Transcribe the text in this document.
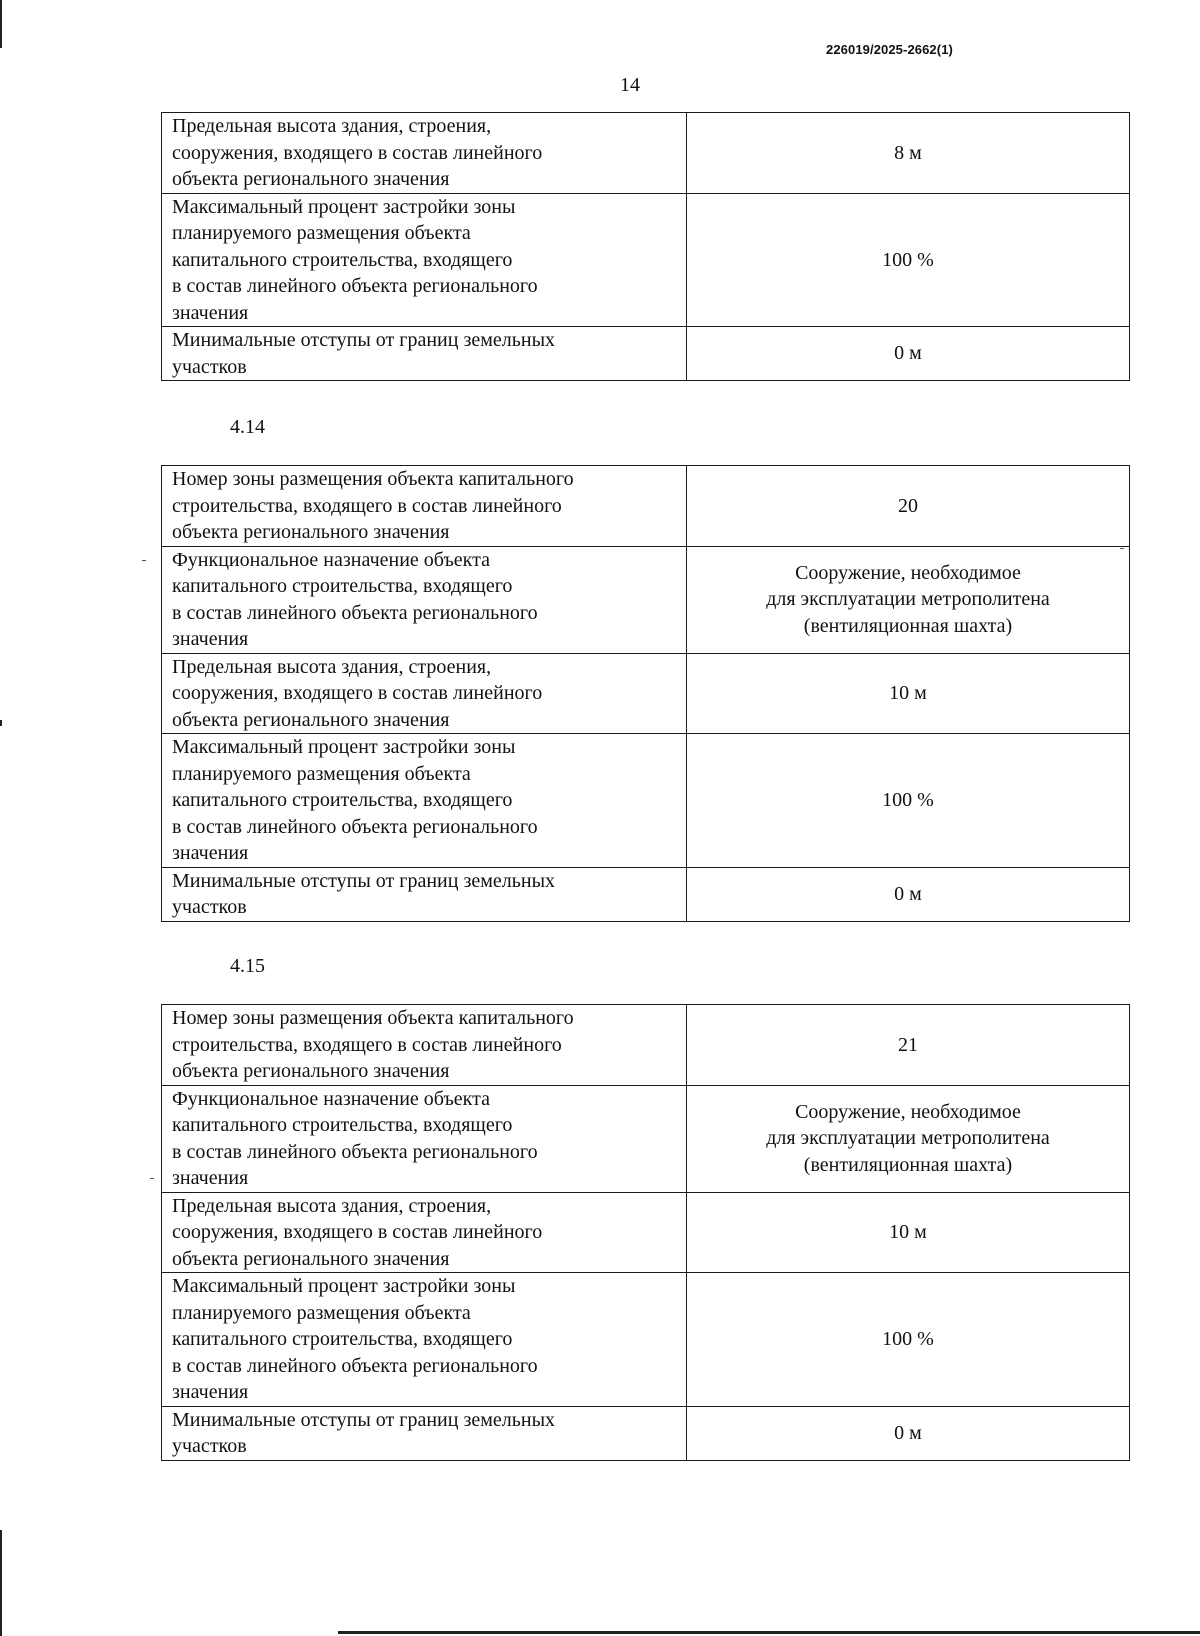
226019/2025-2662(1)
14
Предельная высота здания, строения,
сооружения, входящего в состав линейного
объекта регионального значения	8 м
Максимальный процент застройки зоны
планируемого размещения объекта
капитального строительства, входящего
в состав линейного объекта регионального
значения	100 %
Минимальные отступы от границ земельных
участков	0 м
4.14
Номер зоны размещения объекта капитального
строительства, входящего в состав линейного
объекта регионального значения	20
Функциональное назначение объекта
капитального строительства, входящего
в состав линейного объекта регионального
значения	Сооружение, необходимое
для эксплуатации метрополитена
(вентиляционная шахта)
Предельная высота здания, строения,
сооружения, входящего в состав линейного
объекта регионального значения	10 м
Максимальный процент застройки зоны
планируемого размещения объекта
капитального строительства, входящего
в состав линейного объекта регионального
значения	100 %
Минимальные отступы от границ земельных
участков	0 м
4.15
Номер зоны размещения объекта капитального
строительства, входящего в состав линейного
объекта регионального значения	21
Функциональное назначение объекта
капитального строительства, входящего
в состав линейного объекта регионального
значения	Сооружение, необходимое
для эксплуатации метрополитена
(вентиляционная шахта)
Предельная высота здания, строения,
сооружения, входящего в состав линейного
объекта регионального значения	10 м
Максимальный процент застройки зоны
планируемого размещения объекта
капитального строительства, входящего
в состав линейного объекта регионального
значения	100 %
Минимальные отступы от границ земельных
участков	0 м
